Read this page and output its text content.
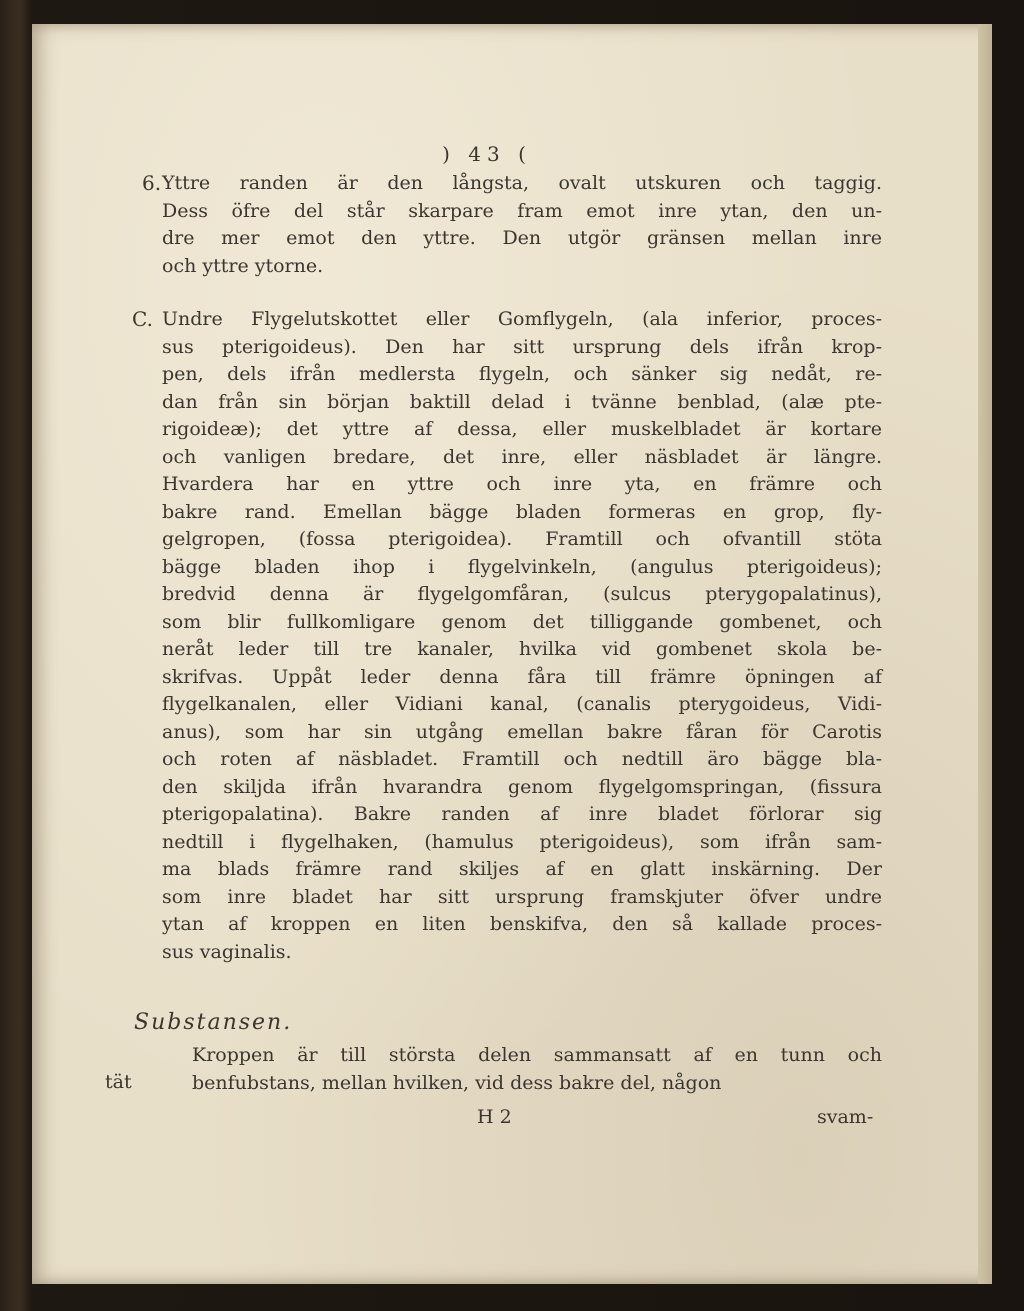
) 43 (
6. Yttre randen är den långsta, ovalt utskuren och taggig.
Dess öfre del står skarpare fram emot inre ytan, den un-
dre mer emot den yttre. Den utgör gränsen mellan inre
och yttre ytorne.
C. Undre Flygelutskottet eller Gomflygeln, (ala inferior, proces-
sus pterigoideus). Den har sitt ursprung dels ifrån krop-
pen, dels ifrån medlersta flygeln, och sänker sig nedåt, re-
dan från sin början baktill delad i tvänne benblad, (alæ pte-
rigoideæ); det yttre af dessa, eller muskelbladet är kortare
och vanligen bredare, det inre, eller näsbladet är längre.
Hvardera har en yttre och inre yta, en främre och
bakre rand. Emellan bägge bladen formeras en grop, fly-
gelgropen, (fossa pterigoidea). Framtill och ofvantill stöta
bägge bladen ihop i flygelvinkeln, (angulus pterigoideus);
bredvid denna är flygelgomfåran, (sulcus pterygopalatinus),
som blir fullkomligare genom det tilliggande gombenet, och
neråt leder till tre kanaler, hvilka vid gombenet skola be-
skrifvas. Uppåt leder denna fåra till främre öpningen af
flygelkanalen, eller Vidiani kanal, (canalis pterygoideus, Vidi-
anus), som har sin utgång emellan bakre fåran för Carotis
och roten af näsbladet. Framtill och nedtill äro bägge bla-
den skiljda ifrån hvarandra genom flygelgomspringan, (fissura
pterigopalatina). Bakre randen af inre bladet förlorar sig
nedtill i flygelhaken, (hamulus pterigoideus), som ifrån sam-
ma blads främre rand skiljes af en glatt inskärning. Der
som inre bladet har sitt ursprung framskjuter öfver undre
ytan af kroppen en liten benskifva, den så kallade proces-
sus vaginalis.
Substansen.
tät
Kroppen är till största delen sammansatt af en tunn och
benfubstans, mellan hvilken, vid dess bakre del, någon
H 2	svam-
